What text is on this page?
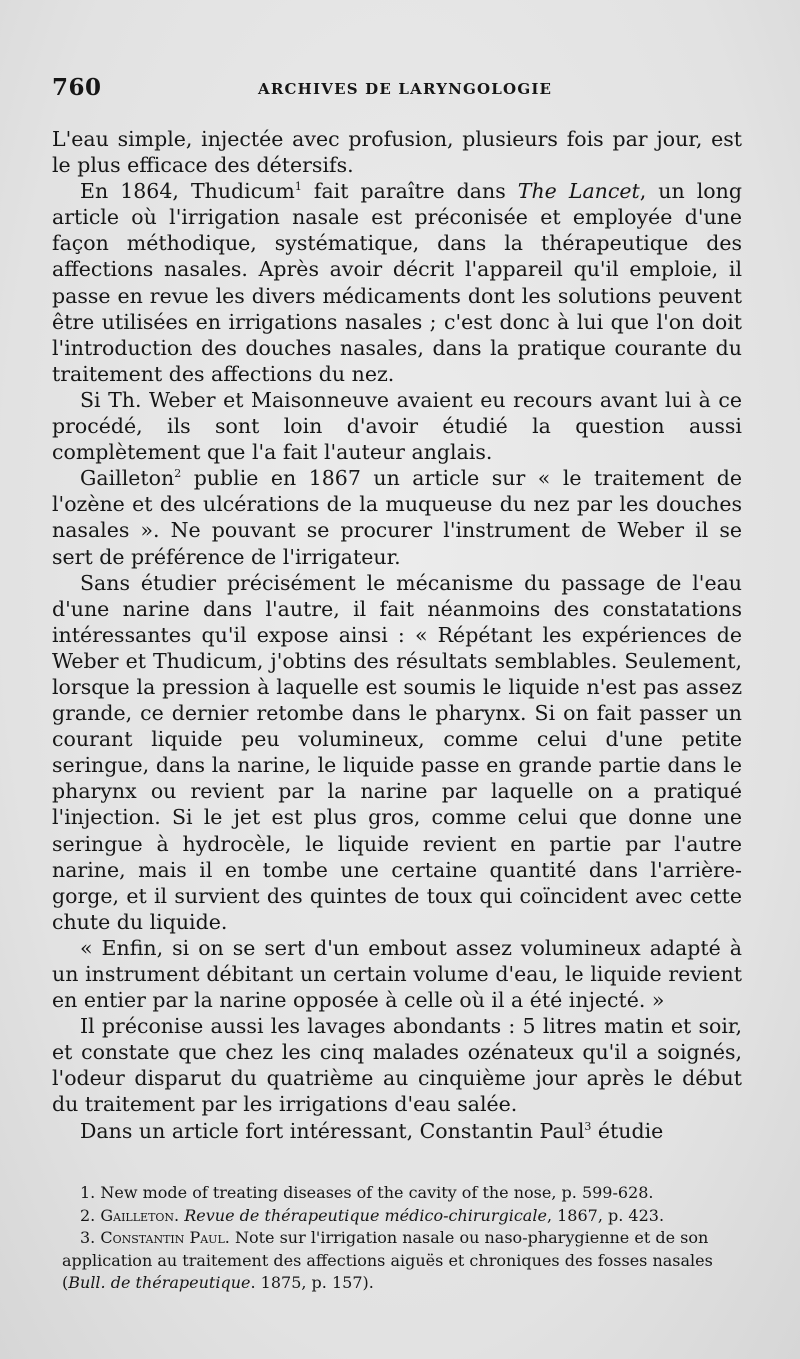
760	ARCHIVES DE LARYNGOLOGIE

L'eau simple, injectée avec profusion, plusieurs fois par jour, est le plus efficace des détersifs.

En 1864, Thudicum$^1$ fait paraître dans The Lancet, un long article où l'irrigation nasale est préconisée et employée d'une façon méthodique, systématique, dans la thérapeutique des affections nasales. Après avoir décrit l'appareil qu'il emploie, il passe en revue les divers médicaments dont les solutions peuvent être utilisées en irrigations nasales ; c'est donc à lui que l'on doit l'introduction des douches nasales, dans la pratique courante du traitement des affections du nez.

Si Th. Weber et Maisonneuve avaient eu recours avant lui à ce procédé, ils sont loin d'avoir étudié la question aussi complètement que l'a fait l'auteur anglais.

Gailleton$^2$ publie en 1867 un article sur « le traitement de l'ozène et des ulcérations de la muqueuse du nez par les douches nasales ». Ne pouvant se procurer l'instrument de Weber il se sert de préférence de l'irrigateur.

Sans étudier précisément le mécanisme du passage de l'eau d'une narine dans l'autre, il fait néanmoins des constatations intéressantes qu'il expose ainsi : « Répétant les expériences de Weber et Thudicum, j'obtins des résultats semblables. Seulement, lorsque la pression à laquelle est soumis le liquide n'est pas assez grande, ce dernier retombe dans le pharynx. Si on fait passer un courant liquide peu volumineux, comme celui d'une petite seringue, dans la narine, le liquide passe en grande partie dans le pharynx ou revient par la narine par laquelle on a pratiqué l'injection. Si le jet est plus gros, comme celui que donne une seringue à hydrocèle, le liquide revient en partie par l'autre narine, mais il en tombe une certaine quantité dans l'arrière-gorge, et il survient des quintes de toux qui coïncident avec cette chute du liquide.

« Enfin, si on se sert d'un embout assez volumineux adapté à un instrument débitant un certain volume d'eau, le liquide revient en entier par la narine opposée à celle où il a été injecté. »

Il préconise aussi les lavages abondants : 5 litres matin et soir, et constate que chez les cinq malades ozénateux qu'il a soignés, l'odeur disparut du quatrième au cinquième jour après le début du traitement par les irrigations d'eau salée.

Dans un article fort intéressant, Constantin Paul$^3$ étudie

1. New mode of treating diseases of the cavity of the nose, p. 599-628.

2. Gailleton. Revue de thérapeutique médico-chirurgicale, 1867, p. 423.

3. Constantin Paul. Note sur l'irrigation nasale ou naso-pharygienne et de son application au traitement des affections aiguës et chroniques des fosses nasales (Bull. de thérapeutique. 1875, p. 157).
